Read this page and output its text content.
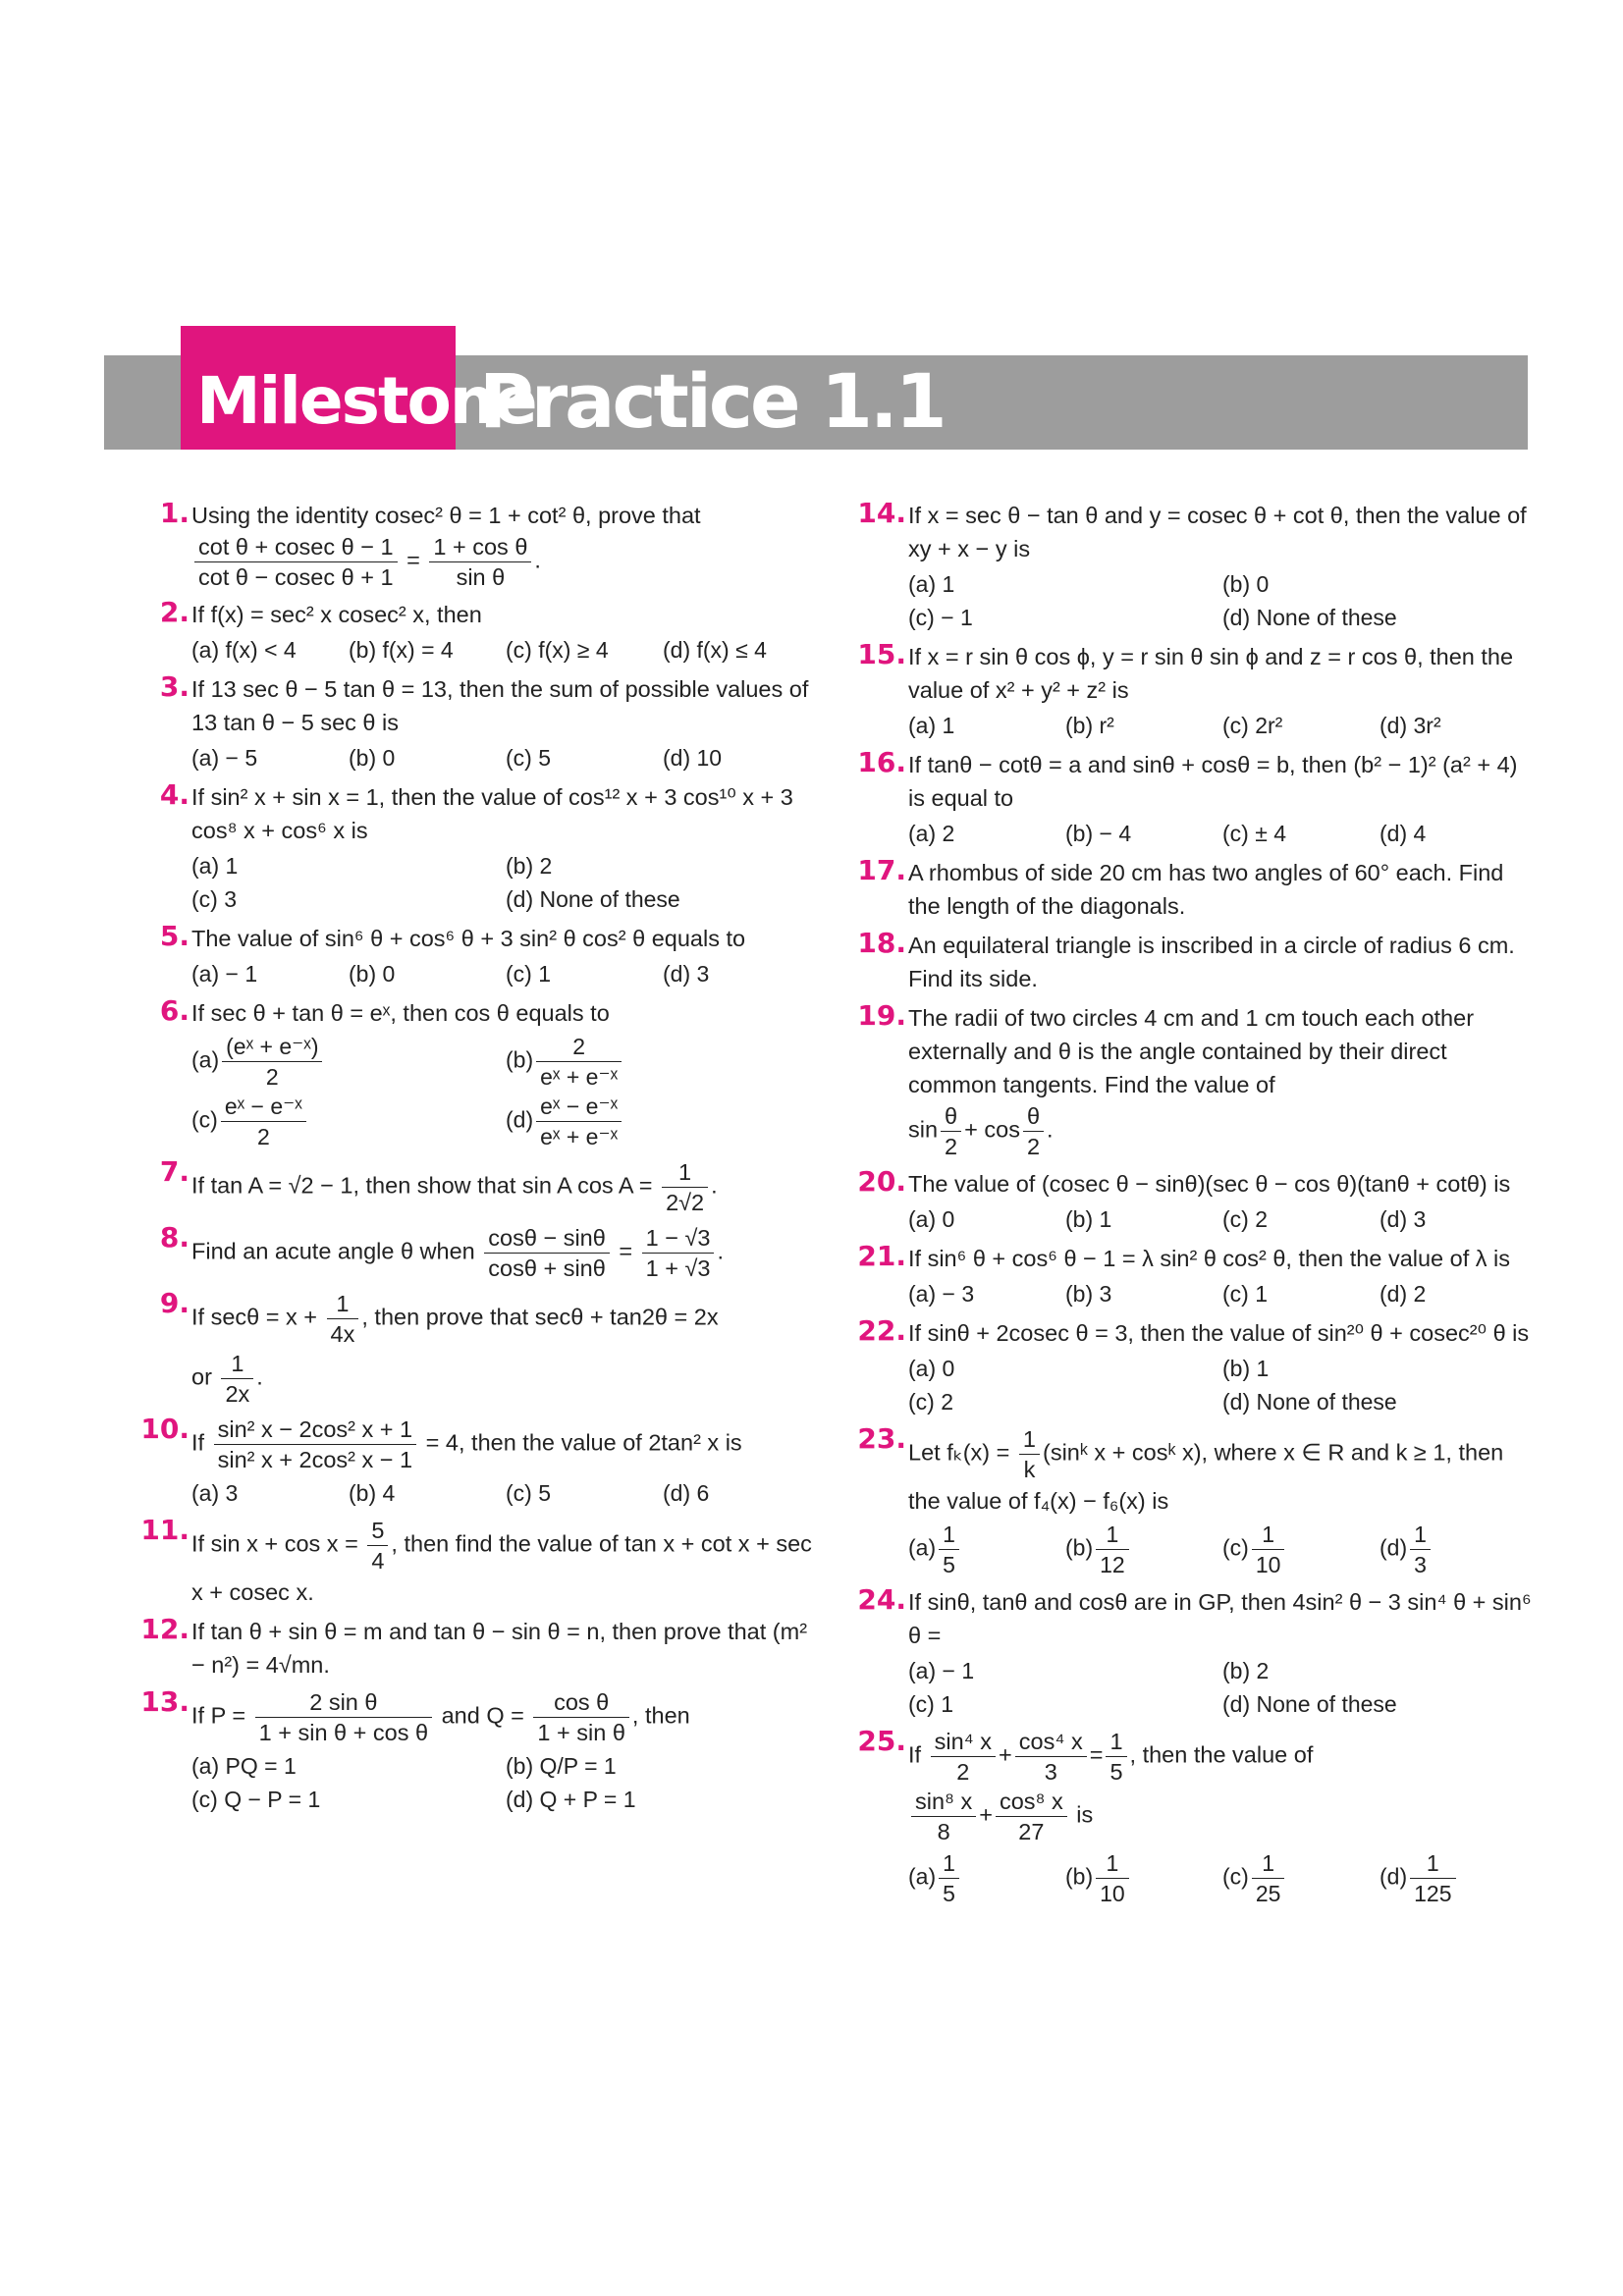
Milestone
Practice 1.1
1. Using the identity cosec² θ = 1 + cot² θ, prove that
$\frac{\text{cot θ + cosec θ − 1}}{\text{cot θ − cosec θ + 1}} = \frac{\text{1 + cos θ}}{\text{sin θ}}$ .
2. If f(x) = sec² x cosec² x, then
(a) f(x) < 4	(b) f(x) = 4	(c) f(x) ≥ 4	(d) f(x) ≤ 4
3. If 13 sec θ − 5 tan θ = 13, then the sum of possible values of 13 tan θ − 5 sec θ is
(a) − 5	(b) 0	(c) 5	(d) 10
4. If sin² x + sin x = 1, then the value of cos¹² x + 3 cos¹⁰ x + 3 cos⁸ x + cos⁶ x is
(a) 1	(b) 2
(c) 3	(d) None of these
5. The value of sin⁶ θ + cos⁶ θ + 3 sin² θ cos² θ equals to
(a) − 1	(b) 0	(c) 1	(d) 3
6. If sec θ + tan θ = eˣ, then cos θ equals to
$(a) \frac{\text{(eˣ + e⁻ˣ)}}{2}$	$(b) \frac{2}{\text{eˣ + e⁻ˣ}}$
$(c) \frac{\text{eˣ − e⁻ˣ}}{2}$	$(d) \frac{\text{eˣ − e⁻ˣ}}{\text{eˣ + e⁻ˣ}}$
7. If tan A = √2 − 1, then show that sin A $\cos A = \frac{1}{2√2}$ .
8. Find an acute angle θ when $\frac{\cos\theta - \sin\theta}{\cos\theta + \sin\theta} = \frac{1 - √3}{1 + √3}$ .
9. If $\sec\theta = x + \frac{1}{4x}$ , then prove that secθ + tan2θ = 2x
or $\frac{1}{2x}$ .
10. If $\frac{\text{sin² x − 2cos² x + 1}}{\text{sin² x + 2cos² x − 1}} = 4$, then the value of 2tan² x is
(a) 3	(b) 4	(c) 5	(d) 6
11. If $\sin x + \cos x = \frac{5}{4}$ , then find the value of tan x + cot x + sec x + cosec x.
12. If tan θ + sin θ = m and tan θ − sin θ = n, then prove that (m² − n²) = 4√mn.
13. If $P = \frac{\text{2 sin θ}}{\text{1 + sin θ + cos θ}}$ and $Q = \frac{\text{cos θ}}{\text{1 + sin θ}}$ , then
(a) PQ = 1	(b) Q/P = 1
(c) Q − P = 1	(d) Q + P = 1
14. If x = sec θ − tan θ and y = cosec θ + cot θ, then the value of xy + x − y is
(a) 1	(b) 0
(c) − 1	(d) None of these
15. If x = r sin θ cos ϕ, y = r sin θ sin ϕ and z = r cos θ, then the value of x² + y² + z² is
(a) 1	(b) r²	(c) 2r²	(d) 3r²
16. If tanθ − cotθ = a and sinθ + cosθ = b, then (b² − 1)² (a² + 4) is equal to
(a) 2	(b) − 4	(c) ± 4	(d) 4
17. A rhombus of side 20 cm has two angles of 60° each. Find the length of the diagonals.
18. An equilateral triangle is inscribed in a circle of radius 6 cm. Find its side.
19. The radii of two circles 4 cm and 1 cm touch each other externally and θ is the angle contained by their direct common tangents. Find the value of
$\sin \frac{\theta}{2} + \cos \frac{\theta}{2}$ .
20. The value of (cosec θ − sinθ)(sec θ − cos θ)(tanθ + cotθ) is
(a) 0	(b) 1	(c) 2	(d) 3
21. If sin⁶ θ + cos⁶ θ − 1 = λ sin² θ cos² θ, then the value of λ is
(a) − 3	(b) 3	(c) 1	(d) 2
22. If sinθ + 2cosec θ = 3, then the value of sin²⁰ θ + cosec²⁰ θ is
(a) 0	(b) 1
(c) 2	(d) None of these
23. Let $f_k(x) = \frac{1}{k}$ (sinᵏ x + cosᵏ x), where x ∈ R and k ≥ 1, then the value of f₄(x) − f₆(x) is
$(a) \frac{1}{5}$	$(b) \frac{1}{12}$	$(c) \frac{1}{10}$	$(d) \frac{1}{3}$
24. If sinθ, tanθ and cosθ are in GP, then 4sin² θ − 3 sin⁴ θ + sin⁶ θ =
(a) − 1	(b) 2
(c) 1	(d) None of these
25. If $\frac{\text{sin⁴ x}}{2} + \frac{\text{cos⁴ x}}{3} = \frac{1}{5}$ , then the value of

$\frac{\text{sin⁸ x}}{8} + \frac{\text{cos⁸ x}}{27}$ is
$(a) \frac{1}{5}$	$(b) \frac{1}{10}$	$(c) \frac{1}{25}$	$(d) \frac{1}{125}$
